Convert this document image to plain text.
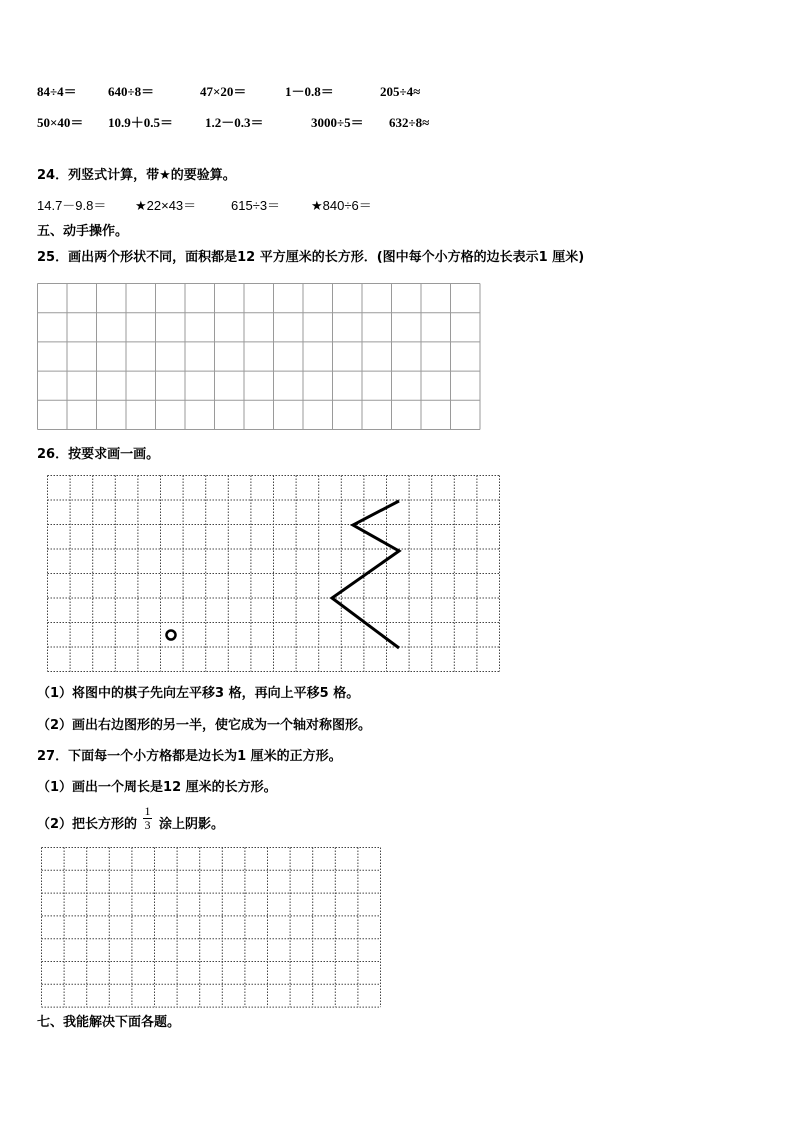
84÷4＝ 640÷8＝	47×20＝	1－0.8＝	205÷4≈
50×40＝ 10.9＋0.5＝ 1.2－0.3＝	3000÷5＝ 632÷8≈
24．列竖式计算，带★的要验算。
14.7－9.8＝ ★22×43＝	615÷3＝ ★840÷6＝
五、动手操作。
25．画出两个形状不同，面积都是12 平方厘米的长方形．(图中每个小方格的边长表示1 厘米)
26．按要求画一画。
（1）将图中的棋子先向左平移3 格，再向上平移5 格。
（2）画出右边图形的另一半，使它成为一个轴对称图形。
27．下面每一个小方格都是边长为1 厘米的正方形。
（1）画出一个周长是12 厘米的长方形。
（2）把长方形的
1
3 涂上阴影。
七、我能解决下面各题。
